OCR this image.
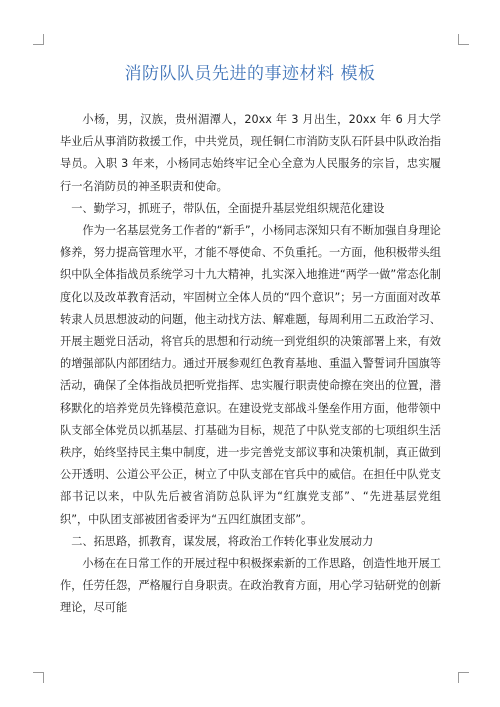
消防队队员先进的事迹材料 模板

小杨，男，汉族，贵州湄潭人，20xx 年 3 月出生，20xx 年 6 月大学毕业后从事消防救援工作，中共党员，现任铜仁市消防支队石阡县中队政治指导员。入职 3 年来，小杨同志始终牢记全心全意为人民服务的宗旨，忠实履行一名消防员的神圣职责和使命。

一、勤学习，抓班子，带队伍，全面提升基层党组织规范化建设

作为一名基层党务工作者的“新手”，小杨同志深知只有不断加强自身理论修养，努力提高管理水平，才能不辱使命、不负重托。一方面，他积极带头组织中队全体指战员系统学习十九大精神，扎实深入地推进“两学一做”常态化制度化以及改革教育活动，牢固树立全体人员的“四个意识”；另一方面面对改革转隶人员思想波动的问题，他主动找方法、解难题，每周利用二五政治学习、开展主题党日活动，将官兵的思想和行动统一到党组织的决策部署上来，有效的增强部队内部团结力。通过开展参观红色教育基地、重温入警誓词升国旗等活动，确保了全体指战员把听党指挥、忠实履行职责使命擦在突出的位置，潜移默化的培养党员先锋模范意识。在建设党支部战斗堡垒作用方面，他带领中队支部全体党员以抓基层、打基础为目标，规范了中队党支部的七项组织生活秩序，始终坚持民主集中制度，进一步完善党支部议事和决策机制，真正做到公开透明、公道公平公正，树立了中队支部在官兵中的威信。在担任中队党支部书记以来，中队先后被省消防总队评为“红旗党支部”、“先进基层党组织”，中队团支部被团省委评为“五四红旗团支部”。

二、拓思路，抓教育，谋发展，将政治工作转化事业发展动力

小杨在在日常工作的开展过程中积极探索新的工作思路，创造性地开展工作，任劳任怨，严格履行自身职责。在政治教育方面，用心学习钻研党的创新理论，尽可能
